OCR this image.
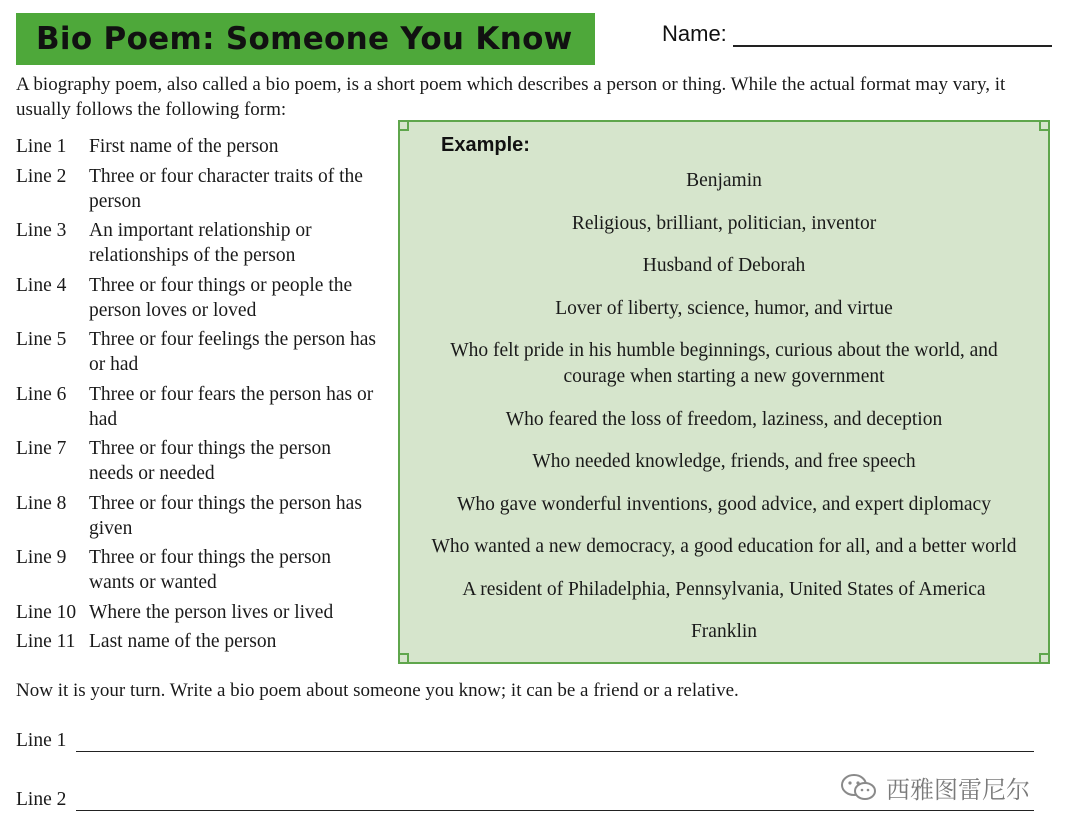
Bio Poem: Someone You Know	Name:
A biography poem, also called a bio poem, is a short poem which describes a person or thing. While the actual format may vary, it usually follows the following form:
Line 1	First name of the person
Line 2	Three or four character traits of the person
Line 3	An important relationship or relationships of the person
Line 4	Three or four things or people the person loves or loved
Line 5	Three or four feelings the person has or had
Line 6	Three or four fears the person has or had
Line 7	Three or four things the person needs or needed
Line 8	Three or four things the person has given
Line 9	Three or four things the person wants or wanted
Line 10 Where the person lives or lived
Line 11 Last name of the person
Example:
Benjamin
Religious, brilliant, politician, inventor
Husband of Deborah
Lover of liberty, science, humor, and virtue
Who felt pride in his humble beginnings, curious about the world, and courage when starting a new government
Who feared the loss of freedom, laziness, and deception
Who needed knowledge, friends, and free speech
Who gave wonderful inventions, good advice, and expert diplomacy
Who wanted a new democracy, a good education for all, and a better world
A resident of Philadelphia, Pennsylvania, United States of America
Franklin
Now it is your turn. Write a bio poem about someone you know; it can be a friend or a relative.
Line 1
Line 2	西雅图雷尼尔
